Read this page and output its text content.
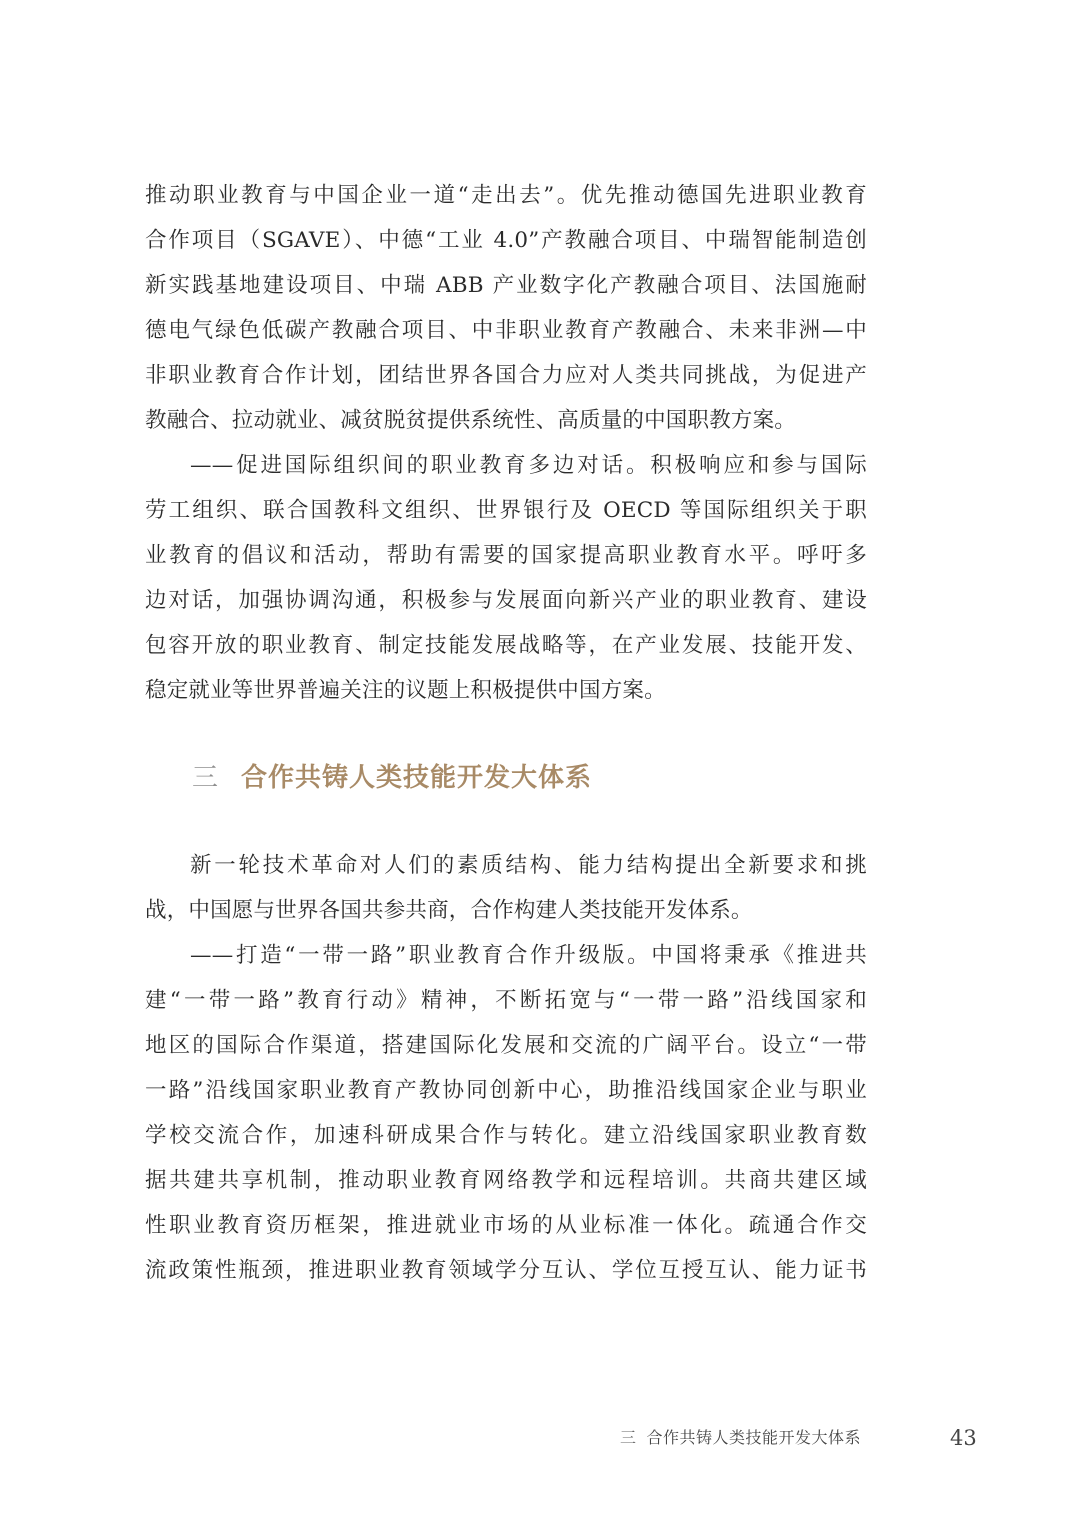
推动职业教育与中国企业一道“走出去”。优先推动德国先进职业教育
合作项目（SGAVE）、中德“工业 4.0”产教融合项目、中瑞智能制造创
新实践基地建设项目、中瑞 ABB 产业数字化产教融合项目、法国施耐
德电气绿色低碳产教融合项目、中非职业教育产教融合、未来非洲—中
非职业教育合作计划，团结世界各国合力应对人类共同挑战，为促进产
教融合、拉动就业、减贫脱贫提供系统性、高质量的中国职教方案。
——促进国际组织间的职业教育多边对话。积极响应和参与国际
劳工组织、联合国教科文组织、世界银行及 OECD 等国际组织关于职
业教育的倡议和活动，帮助有需要的国家提高职业教育水平。呼吁多
边对话，加强协调沟通，积极参与发展面向新兴产业的职业教育、建设
包容开放的职业教育、制定技能发展战略等，在产业发展、技能开发、
稳定就业等世界普遍关注的议题上积极提供中国方案。
三 合作共铸人类技能开发大体系
新一轮技术革命对人们的素质结构、能力结构提出全新要求和挑
战，中国愿与世界各国共参共商，合作构建人类技能开发体系。
——打造“一带一路”职业教育合作升级版。中国将秉承《推进共
建“一带一路”教育行动》精神，不断拓宽与“一带一路”沿线国家和
地区的国际合作渠道，搭建国际化发展和交流的广阔平台。设立“一带
一路”沿线国家职业教育产教协同创新中心，助推沿线国家企业与职业
学校交流合作，加速科研成果合作与转化。建立沿线国家职业教育数
据共建共享机制，推动职业教育网络教学和远程培训。共商共建区域
性职业教育资历框架，推进就业市场的从业标准一体化。疏通合作交
流政策性瓶颈，推进职业教育领域学分互认、学位互授互认、能力证书
三 合作共铸人类技能开发大体系	43
